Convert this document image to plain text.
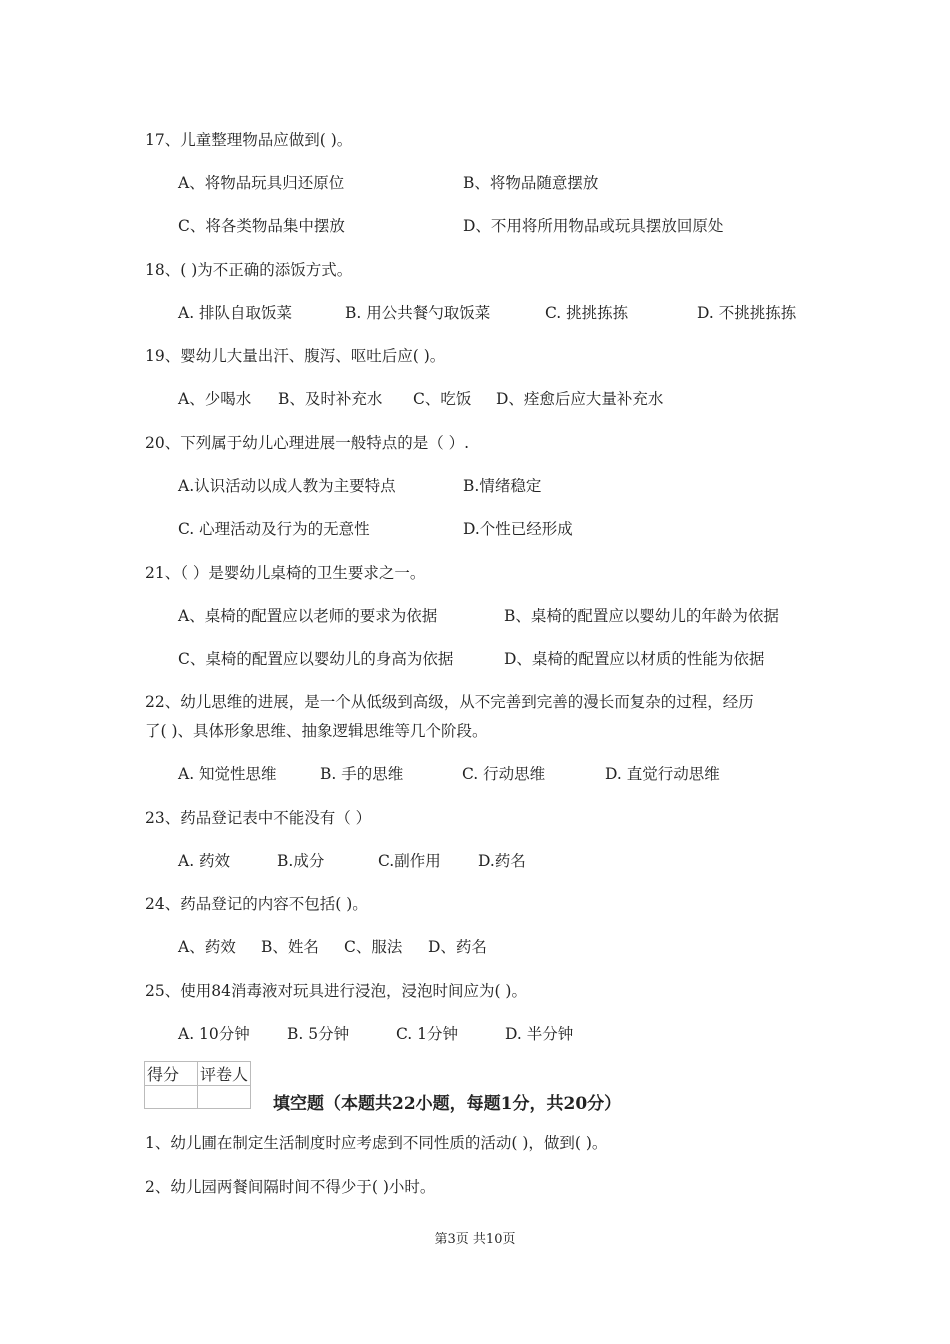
17、儿童整理物品应做到( )。
A、将物品玩具归还原位	B、将物品随意摆放
C、将各类物品集中摆放	D、不用将所用物品或玩具摆放回原处
18、( )为不正确的添饭方式。
A. 排队自取饭菜	B. 用公共餐勺取饭菜	C. 挑挑拣拣	D. 不挑挑拣拣
19、婴幼儿大量出汗、腹泻、呕吐后应( )。
A、少喝水 B、及时补充水 C、吃饭 D、痊愈后应大量补充水
20、下列属于幼儿心理进展一般特点的是（ ）.
A.认识活动以成人教为主要特点	B.情绪稳定
C. 心理活动及行为的无意性	D.个性已经形成
21、（ ）是婴幼儿桌椅的卫生要求之一。
A、桌椅的配置应以老师的要求为依据	B、桌椅的配置应以婴幼儿的年龄为依据
C、桌椅的配置应以婴幼儿的身高为依据	D、桌椅的配置应以材质的性能为依据
22、幼儿思维的进展，是一个从低级到高级，从不完善到完善的漫长而复杂的过程，经历
了( )、具体形象思维、抽象逻辑思维等几个阶段。
A. 知觉性思维	B. 手的思维	C. 行动思维	D. 直觉行动思维
23、药品登记表中不能没有（ ）
A. 药效	B.成分	C.副作用 D.药名
24、药品登记的内容不包括( )。
A、药效 B、姓名 C、服法 D、药名
25、使用84消毒液对玩具进行浸泡，浸泡时间应为( )。
A. 10分钟 B. 5分钟	C. 1分钟	D. 半分钟
得分	评卷人

填空题（本题共22小题，每题1分，共20分）
1、幼儿圃在制定生活制度时应考虑到不同性质的活动( )，做到( )。
2、幼儿园两餐间隔时间不得少于( )小时。
第3页 共10页
